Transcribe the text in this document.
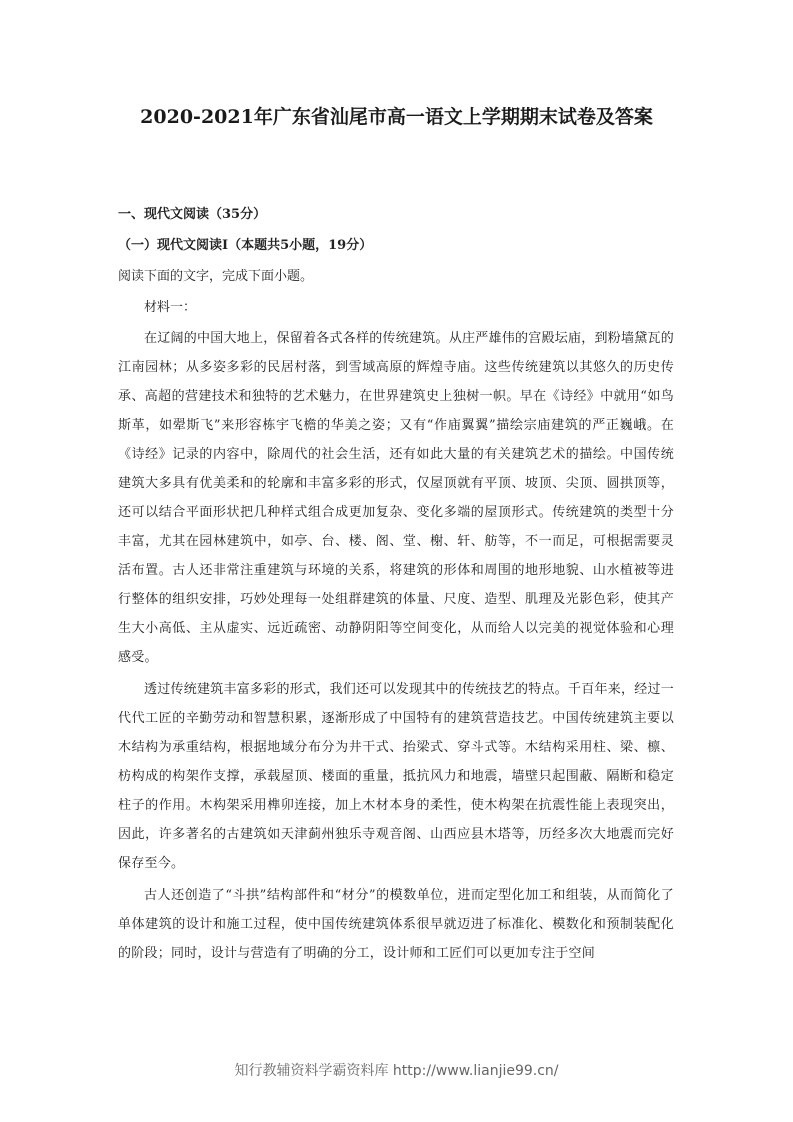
2020-2021年广东省汕尾市高一语文上学期期末试卷及答案

一、现代文阅读（35分）

（一）现代文阅读Ⅰ（本题共5小题，19分）

阅读下面的文字，完成下面小题。

材料一：

在辽阔的中国大地上，保留着各式各样的传统建筑。从庄严雄伟的宫殿坛庙，到粉墙黛瓦的江南园林；从多姿多彩的民居村落，到雪域高原的辉煌寺庙。这些传统建筑以其悠久的历史传承、高超的营建技术和独特的艺术魅力，在世界建筑史上独树一帜。早在《诗经》中就用“如鸟斯革，如翚斯飞”来形容栋宇飞檐的华美之姿；又有“作庙翼翼”描绘宗庙建筑的严正巍峨。在《诗经》记录的内容中，除周代的社会生活，还有如此大量的有关建筑艺术的描绘。中国传统建筑大多具有优美柔和的轮廓和丰富多彩的形式，仅屋顶就有平顶、坡顶、尖顶、圆拱顶等，还可以结合平面形状把几种样式组合成更加复杂、变化多端的屋顶形式。传统建筑的类型十分丰富，尤其在园林建筑中，如亭、台、楼、阁、堂、榭、轩、舫等，不一而足，可根据需要灵活布置。古人还非常注重建筑与环境的关系，将建筑的形体和周围的地形地貌、山水植被等进行整体的组织安排，巧妙处理每一处组群建筑的体量、尺度、造型、肌理及光影色彩，使其产生大小高低、主从虚实、远近疏密、动静阴阳等空间变化，从而给人以完美的视觉体验和心理感受。

透过传统建筑丰富多彩的形式，我们还可以发现其中的传统技艺的特点。千百年来，经过一代代工匠的辛勤劳动和智慧积累，逐渐形成了中国特有的建筑营造技艺。中国传统建筑主要以木结构为承重结构，根据地域分布分为井干式、抬梁式、穿斗式等。木结构采用柱、梁、檩、枋构成的构架作支撑，承载屋顶、楼面的重量，抵抗风力和地震，墙壁只起围蔽、隔断和稳定柱子的作用。木构架采用榫卯连接，加上木材本身的柔性，使木构架在抗震性能上表现突出，因此，许多著名的古建筑如天津蓟州独乐寺观音阁、山西应县木塔等，历经多次大地震而完好保存至今。

古人还创造了“斗拱”结构部件和“材分”的模数单位，进而定型化加工和组装，从而简化了单体建筑的设计和施工过程，使中国传统建筑体系很早就迈进了标准化、模数化和预制装配化的阶段；同时，设计与营造有了明确的分工，设计师和工匠们可以更加专注于空间

知行教辅资料学霸资料库 http://www.lianjie99.cn/
